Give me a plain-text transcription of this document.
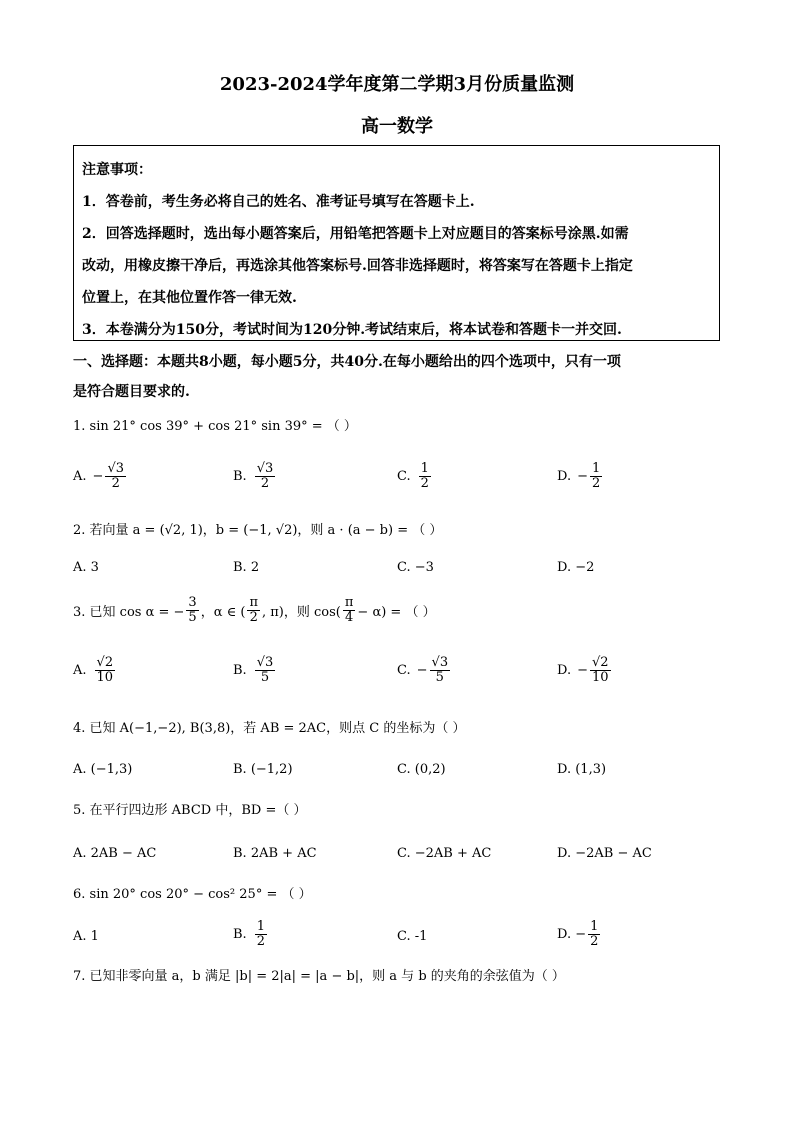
2023-2024学年度第二学期3月份质量监测
高一数学

注意事项：

1．答卷前，考生务必将自己的姓名、准考证号填写在答题卡上.

2．回答选择题时，选出每小题答案后，用铅笔把答题卡上对应题目的答案标号涂黑.如需

改动，用橡皮擦干净后，再选涂其他答案标号.回答非选择题时，将答案写在答题卡上指定

位置上，在其他位置作答一律无效.

3．本卷满分为150分，考试时间为120分钟.考试结束后，将本试卷和答题卡一并交回.

一、选择题：本题共8小题，每小题5分，共40分.在每小题给出的四个选项中，只有一项
是符合题目要求的.
1. sin 21° cos 39° + cos 21° sin 39° = （ ）
A. − $\frac{√3}{2}$	B. $\frac{√3}{2}$	C. $\frac{1}{2}$	D. − $\frac{1}{2}$
2. 若向量 a = (√2, 1)，b = (−1, √2)，则 a · (a − b) = （ ）
A. 3	B. 2	C. −3	D. −2
3. 已知 cos α = − $\frac{3}{5}$ ，α ∈ ( $\frac{\pi}{2}$ , π)，则 $\cos( \frac{\pi}{4} - \alpha)$ = （ ）
A. $\frac{√2}{10}$	B. $\frac{√3}{5}$	C. − $\frac{√3}{5}$	D. − $\frac{√2}{10}$
4. 已知 A(−1,−2), B(3,8)，若 AB = 2AC，则点 C 的坐标为（ ）
A. (−1,3)	B. (−1,2)	C. (0,2)	D. (1,3)
5. 在平行四边形 ABCD 中，BD =（ ）
A. 2AB − AC	B. 2AB + AC	C. −2AB + AC	D. −2AB − AC
6. sin 20° cos 20° − cos² 25° = （ ）
A. 1	B. $\frac{1}{2}$	C. -1	D. − $\frac{1}{2}$
7. 已知非零向量 a，b 满足 |b| = 2|a| = |a − b|，则 a 与 b 的夹角的余弦值为（ ）
